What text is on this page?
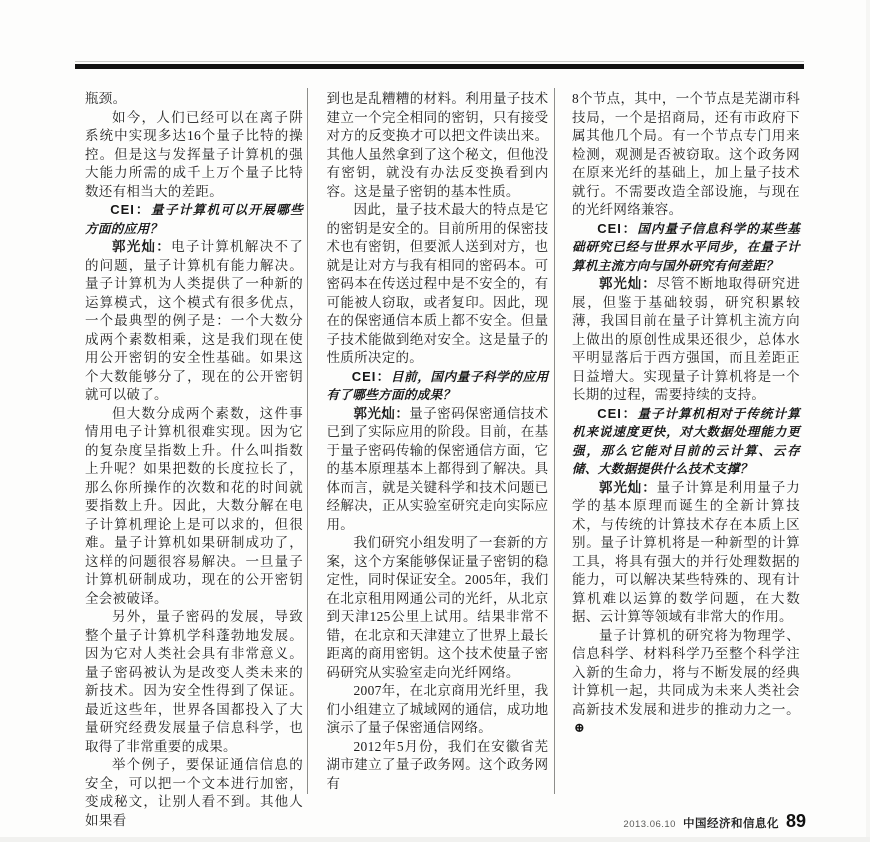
瓶颈。

如今，人们已经可以在离子阱系统中实现多达16个量子比特的操控。但是这与发挥量子计算机的强大能力所需的成千上万个量子比特数还有相当大的差距。

CEI：量子计算机可以开展哪些方面的应用？

郭光灿：电子计算机解决不了的问题，量子计算机有能力解决。量子计算机为人类提供了一种新的运算模式，这个模式有很多优点，一个最典型的例子是：一个大数分成两个素数相乘，这是我们现在使用公开密钥的安全性基础。如果这个大数能够分了，现在的公开密钥就可以破了。

但大数分成两个素数，这件事情用电子计算机很难实现。因为它的复杂度呈指数上升。什么叫指数上升呢？如果把数的长度拉长了，那么你所操作的次数和花的时间就要指数上升。因此，大数分解在电子计算机理论上是可以求的，但很难。量子计算机如果研制成功了，这样的问题很容易解决。一旦量子计算机研制成功，现在的公开密钥全会被破译。

另外，量子密码的发展，导致整个量子计算机学科蓬勃地发展。因为它对人类社会具有非常意义。量子密码被认为是改变人类未来的新技术。因为安全性得到了保证。最近这些年，世界各国都投入了大量研究经费发展量子信息科学，也取得了非常重要的成果。

举个例子，要保证通信信息的安全，可以把一个文本进行加密，变成秘文，让别人看不到。其他人如果看

到也是乱糟糟的材料。利用量子技术建立一个完全相同的密钥，只有接受对方的反变换才可以把文件读出来。其他人虽然拿到了这个秘文，但他没有密钥，就没有办法反变换看到内容。这是量子密钥的基本性质。

因此，量子技术最大的特点是它的密钥是安全的。目前所用的保密技术也有密钥，但要派人送到对方，也就是让对方与我有相同的密码本。可密码本在传送过程中是不安全的，有可能被人窃取，或者复印。因此，现在的保密通信本质上都不安全。但量子技术能做到绝对安全。这是量子的性质所决定的。

CEI：目前，国内量子科学的应用有了哪些方面的成果？

郭光灿：量子密码保密通信技术已到了实际应用的阶段。目前，在基于量子密码传输的保密通信方面，它的基本原理基本上都得到了解决。具体而言，就是关键科学和技术问题已经解决，正从实验室研究走向实际应用。

我们研究小组发明了一套新的方案，这个方案能够保证量子密钥的稳定性，同时保证安全。2005年，我们在北京租用网通公司的光纤，从北京到天津125公里上试用。结果非常不错，在北京和天津建立了世界上最长距离的商用密钥。这个技术使量子密码研究从实验室走向光纤网络。

2007年，在北京商用光纤里，我们小组建立了城域网的通信，成功地演示了量子保密通信网络。

2012年5月份，我们在安徽省芜湖市建立了量子政务网。这个政务网有

8个节点，其中，一个节点是芜湖市科技局，一个是招商局，还有市政府下属其他几个局。有一个节点专门用来检测，观测是否被窃取。这个政务网在原来光纤的基础上，加上量子技术就行。不需要改造全部设施，与现在的光纤网络兼容。

CEI：国内量子信息科学的某些基础研究已经与世界水平同步，在量子计算机主流方向与国外研究有何差距？

郭光灿：尽管不断地取得研究进展，但鉴于基础较弱，研究积累较薄，我国目前在量子计算机主流方向上做出的原创性成果还很少，总体水平明显落后于西方强国，而且差距正日益增大。实现量子计算机将是一个长期的过程，需要持续的支持。

CEI：量子计算机相对于传统计算机来说速度更快，对大数据处理能力更强，那么它能对目前的云计算、云存储、大数据提供什么技术支撑？

郭光灿：量子计算是利用量子力学的基本原理而诞生的全新计算技术，与传统的计算技术存在本质上区别。量子计算机将是一种新型的计算工具，将具有强大的并行处理数据的能力，可以解决某些特殊的、现有计算机难以运算的数学问题，在大数据、云计算等领域有非常大的作用。

量子计算机的研究将为物理学、信息科学、材料科学乃至整个科学注入新的生命力，将与不断发展的经典计算机一起，共同成为未来人类社会高新技术发展和进步的推动力之一。⊕

2013.06.10 中国经济和信息化 89
